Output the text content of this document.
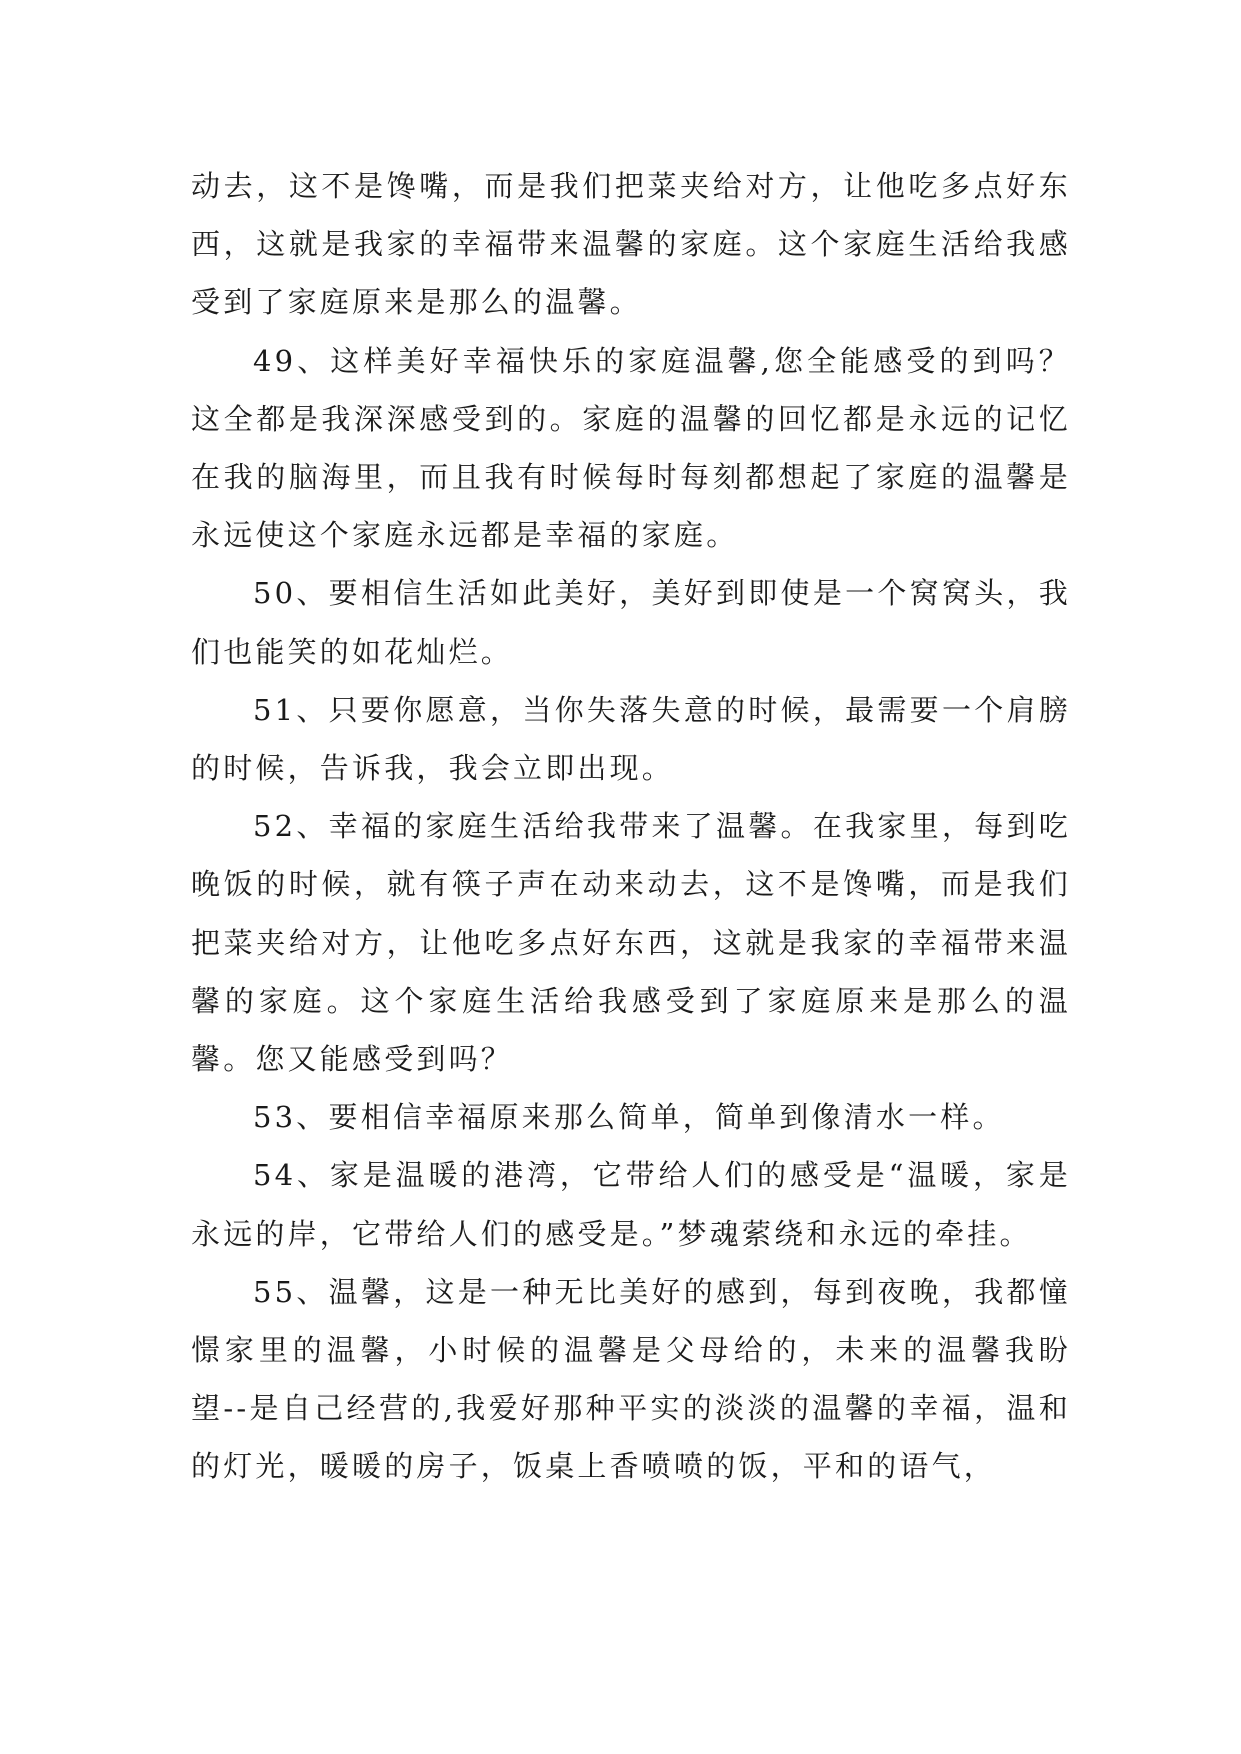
动去，这不是馋嘴，而是我们把菜夹给对方，让他吃多点好东西，这就是我家的幸福带来温馨的家庭。这个家庭生活给我感受到了家庭原来是那么的温馨。

49、这样美好幸福快乐的家庭温馨,您全能感受的到吗？这全都是我深深感受到的。家庭的温馨的回忆都是永远的记忆在我的脑海里，而且我有时候每时每刻都想起了家庭的温馨是永远使这个家庭永远都是幸福的家庭。

50、要相信生活如此美好，美好到即使是一个窝窝头，我们也能笑的如花灿烂。

51、只要你愿意，当你失落失意的时候，最需要一个肩膀的时候，告诉我，我会立即出现。

52、幸福的家庭生活给我带来了温馨。在我家里，每到吃晚饭的时候，就有筷子声在动来动去，这不是馋嘴，而是我们把菜夹给对方，让他吃多点好东西，这就是我家的幸福带来温馨的家庭。这个家庭生活给我感受到了家庭原来是那么的温馨。您又能感受到吗？

53、要相信幸福原来那么简单，简单到像清水一样。

54、家是温暖的港湾，它带给人们的感受是“温暖，家是永远的岸，它带给人们的感受是。”梦魂萦绕和永远的牵挂。

55、温馨，这是一种无比美好的感到，每到夜晚，我都憧憬家里的温馨，小时候的温馨是父母给的，未来的温馨我盼望--是自己经营的,我爱好那种平实的淡淡的温馨的幸福，温和的灯光，暖暖的房子，饭桌上香喷喷的饭，平和的语气，
